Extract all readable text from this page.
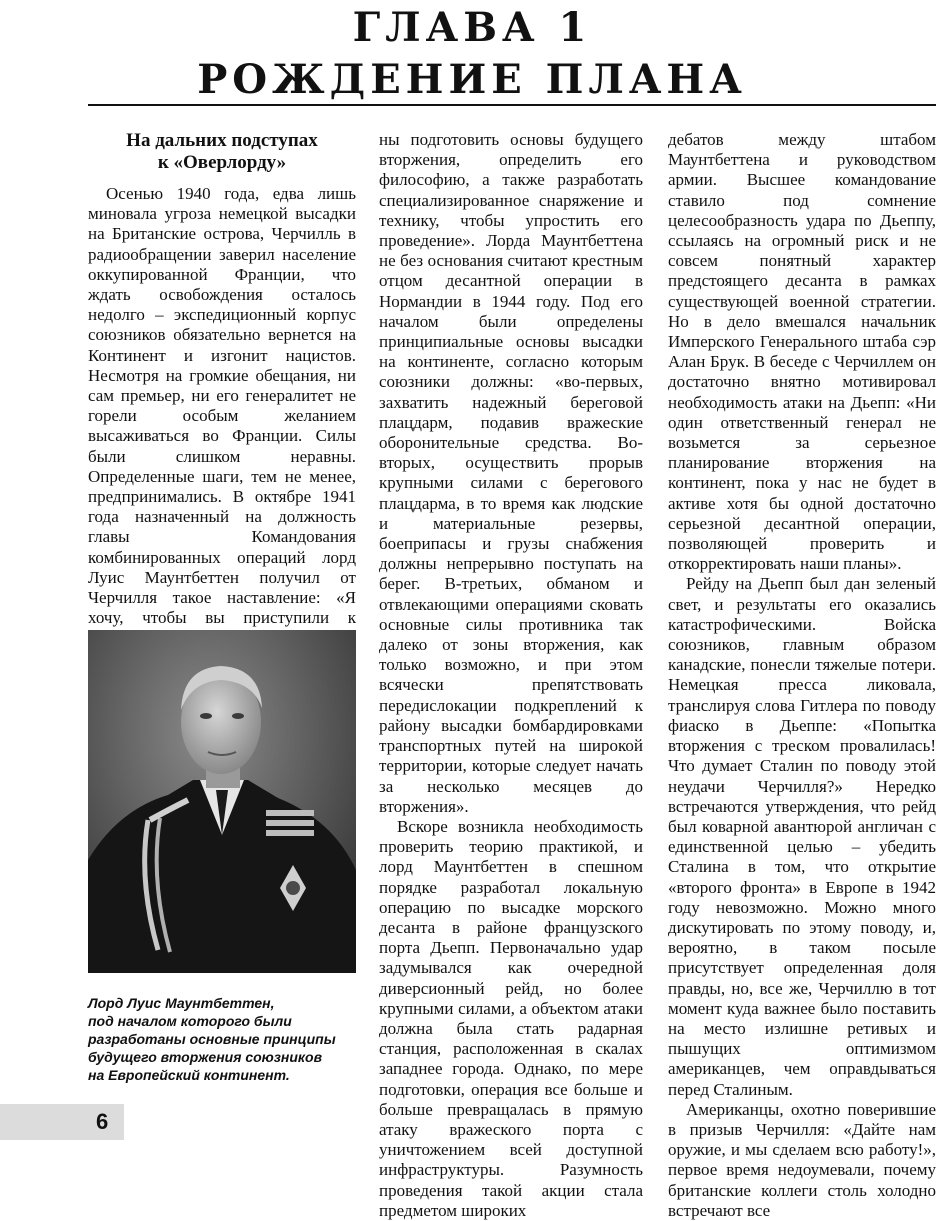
ГЛАВА 1
РОЖДЕНИЕ ПЛАНА
На дальних подступах
к «Оверлорду»

Осенью 1940 года, едва лишь миновала угроза немецкой высадки на Британские острова, Черчилль в радиообращении заверил население оккупированной Франции, что ждать освобождения осталось недолго – экспедиционный корпус союзников обязательно вернется на Континент и изгонит нацистов. Несмотря на громкие обещания, ни сам премьер, ни его генералитет не горели особым желанием высаживаться во Франции. Силы были слишком неравны. Определенные шаги, тем не менее, предпринимались. В октябре 1941 года назначенный на должность главы Командования комбинированных операций лорд Луис Маунтбеттен получил от Черчилля такое наставление: «Я хочу, чтобы вы приступили к

Лорд Луис Маунтбеттен,
под началом которого были
разработаны основные принципы
будущего вторжения союзников
на Европейский континент.

ны подготовить основы будущего вторжения, определить его философию, а также разработать специализированное снаряжение и технику, чтобы упростить его проведение». Лорда Маунтбеттена не без основания считают крестным отцом десантной операции в Нормандии в 1944 году. Под его началом были определены принципиальные основы высадки на континенте, согласно которым союзники должны: «во-первых, захватить надежный береговой плацдарм, подавив вражеские оборонительные средства. Во-вторых, осуществить прорыв крупными силами с берегового плацдарма, в то время как людские и материальные резервы, боеприпасы и грузы снабжения должны непрерывно поступать на берег. В-третьих, обманом и отвлекающими операциями сковать основные силы противника так далеко от зоны вторжения, как только возможно, и при этом всячески препятствовать передислокации подкреплений к району высадки бомбардировками транспортных путей на широкой территории, которые следует начать за несколько месяцев до вторжения».

Вскоре возникла необходимость проверить теорию практикой, и лорд Маунтбеттен в спешном порядке разработал локальную операцию по высадке морского десанта в районе французского порта Дьепп. Первоначально удар задумывался как очередной диверсионный рейд, но более крупными силами, а объектом атаки должна была стать радарная станция, расположенная в скалах западнее города. Однако, по мере подготовки, операция все больше и больше превращалась в прямую атаку вражеского порта с уничтожением всей доступной инфраструктуры. Разумность проведения такой акции стала предметом широких

дебатов между штабом Маунтбеттена и руководством армии. Высшее командование ставило под сомнение целесообразность удара по Дьеппу, ссылаясь на огромный риск и не совсем понятный характер предстоящего десанта в рамках существующей военной стратегии. Но в дело вмешался начальник Имперского Генерального штаба сэр Алан Брук. В беседе с Черчиллем он достаточно внятно мотивировал необходимость атаки на Дьепп: «Ни один ответственный генерал не возьмется за серьезное планирование вторжения на континент, пока у нас не будет в активе хотя бы одной достаточно серьезной десантной операции, позволяющей проверить и откорректировать наши планы».

Рейду на Дьепп был дан зеленый свет, и результаты его оказались катастрофическими. Войска союзников, главным образом канадские, понесли тяжелые потери. Немецкая пресса ликовала, транслируя слова Гитлера по поводу фиаско в Дьеппе: «Попытка вторжения с треском провалилась! Что думает Сталин по поводу этой неудачи Черчилля?» Нередко встречаются утверждения, что рейд был коварной авантюрой англичан с единственной целью – убедить Сталина в том, что открытие «второго фронта» в Европе в 1942 году невозможно. Можно много дискутировать по этому поводу, и, вероятно, в таком посыле присутствует определенная доля правды, но, все же, Черчиллю в тот момент куда важнее было поставить на место излишне ретивых и пышущих оптимизмом американцев, чем оправдываться перед Сталиным.

Американцы, охотно поверившие в призыв Черчилля: «Дайте нам оружие, и мы сделаем всю работу!», первое время недоумевали, почему британские коллеги столь холодно встречают все

6
